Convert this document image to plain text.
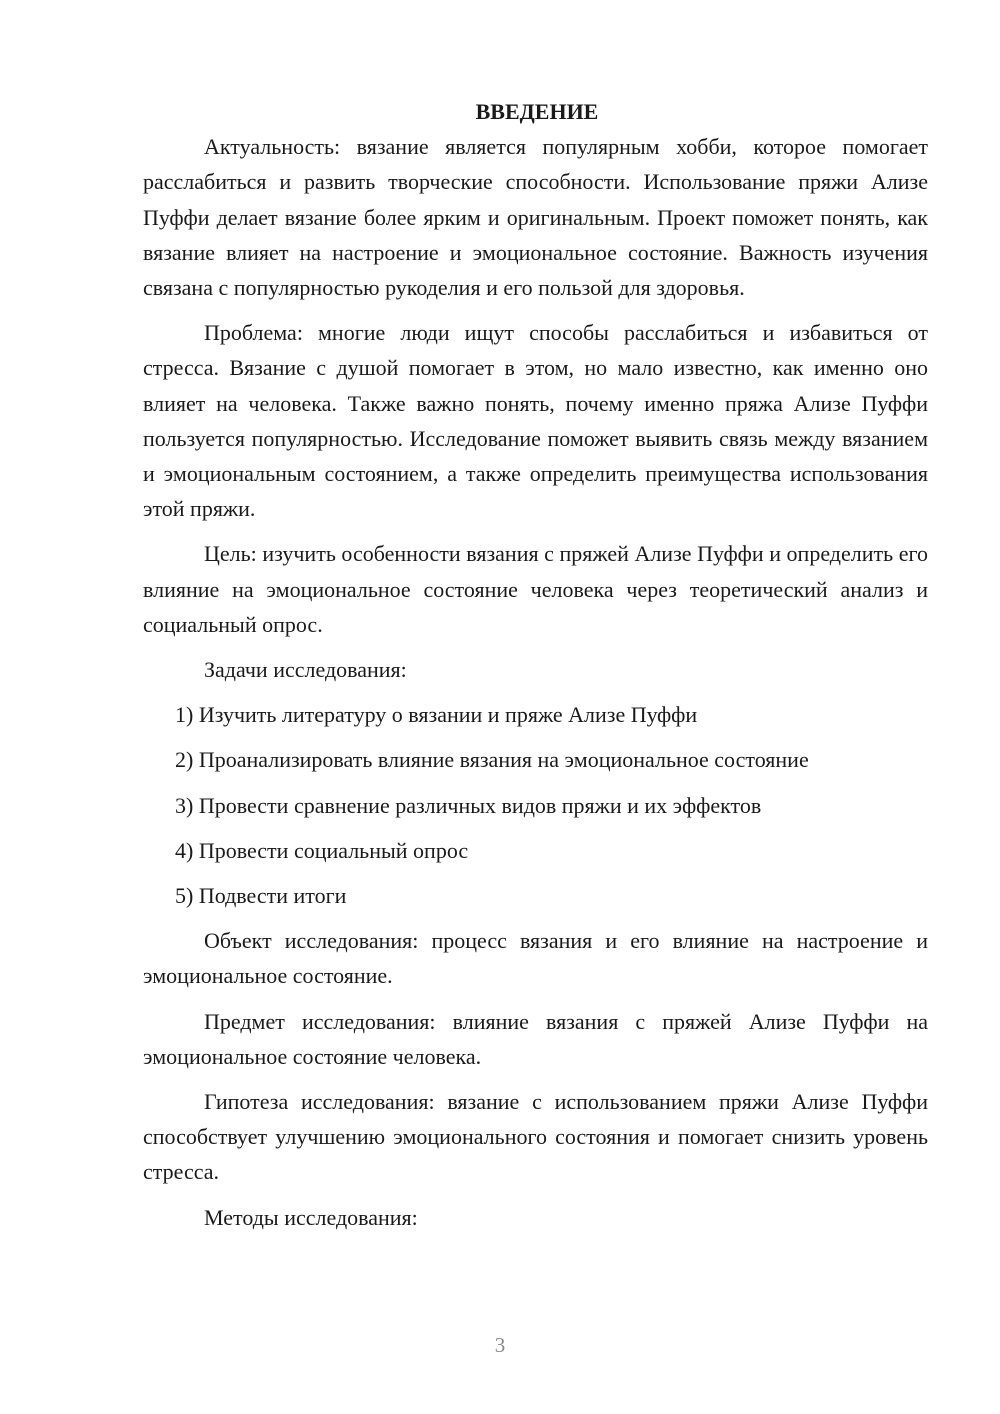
ВВЕДЕНИЕ

Актуальность: вязание является популярным хобби, которое помогает расслабиться и развить творческие способности. Использование пряжи Ализе Пуффи делает вязание более ярким и оригинальным. Проект поможет понять, как вязание влияет на настроение и эмоциональное состояние. Важность изучения связана с популярностью рукоделия и его пользой для здоровья.

Проблема: многие люди ищут способы расслабиться и избавиться от стресса. Вязание с душой помогает в этом, но мало известно, как именно оно влияет на человека. Также важно понять, почему именно пряжа Ализе Пуффи пользуется популярностью. Исследование поможет выявить связь между вязанием и эмоциональным состоянием, а также определить преимущества использования этой пряжи.

Цель: изучить особенности вязания с пряжей Ализе Пуффи и определить его влияние на эмоциональное состояние человека через теоретический анализ и социальный опрос.

Задачи исследования:

1) Изучить литературу о вязании и пряже Ализе Пуффи
2) Проанализировать влияние вязания на эмоциональное состояние
3) Провести сравнение различных видов пряжи и их эффектов
4) Провести социальный опрос
5) Подвести итоги

Объект исследования: процесс вязания и его влияние на настроение и эмоциональное состояние.

Предмет исследования: влияние вязания с пряжей Ализе Пуффи на эмоциональное состояние человека.

Гипотеза исследования: вязание с использованием пряжи Ализе Пуффи способствует улучшению эмоционального состояния и помогает снизить уровень стресса.

Методы исследования:

3
